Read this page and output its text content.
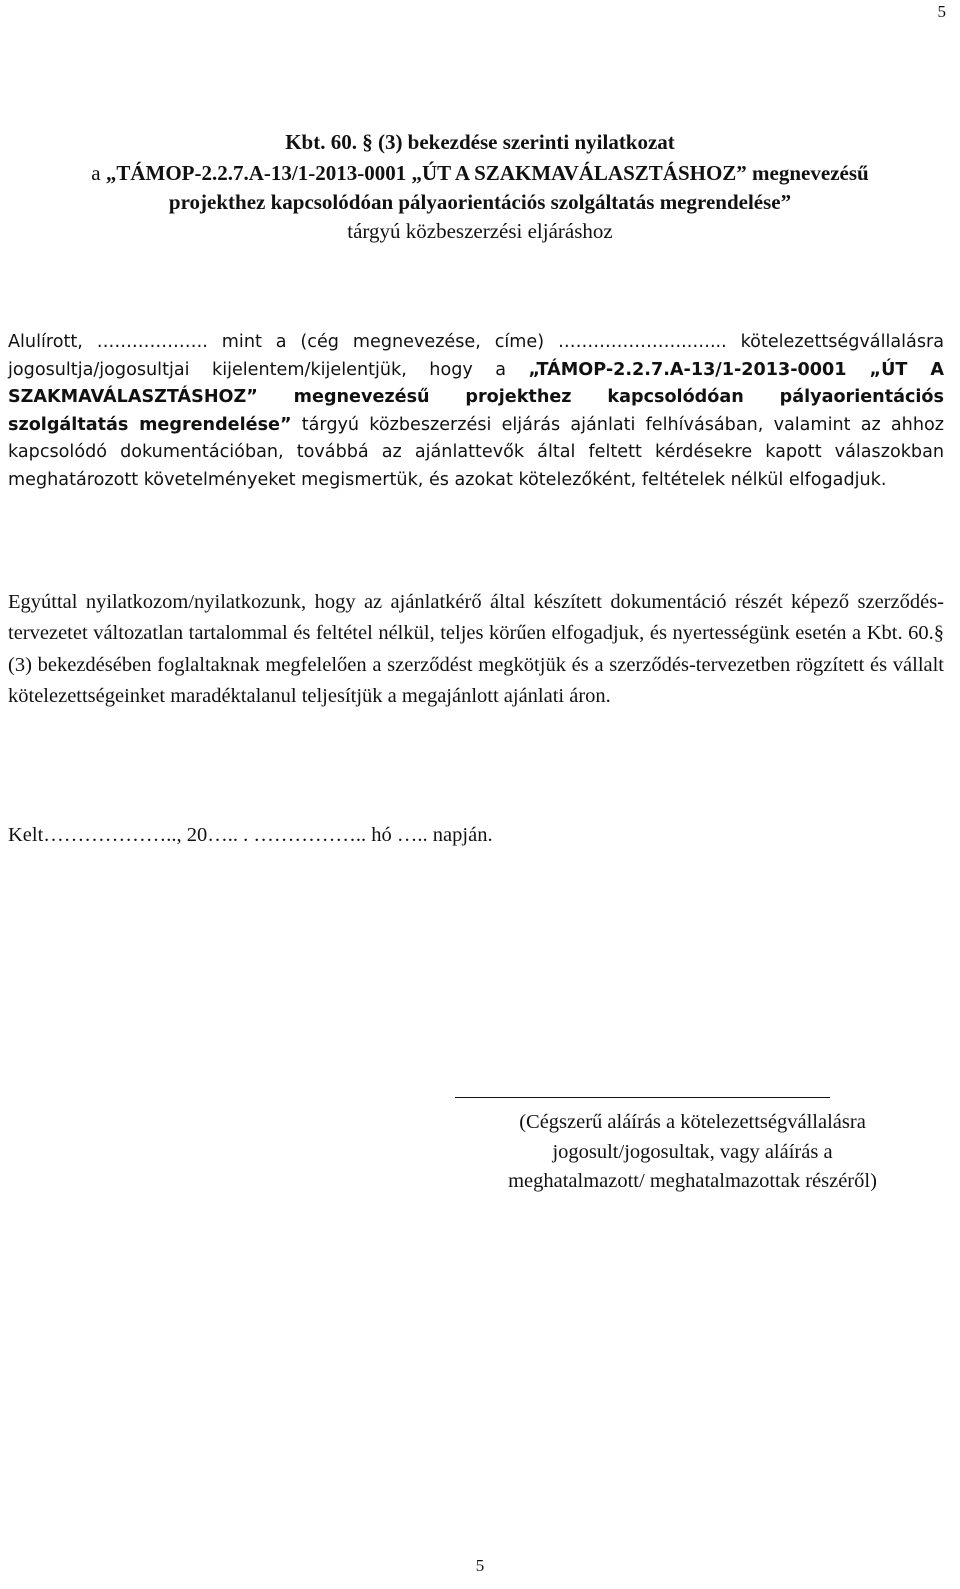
5
Kbt. 60. § (3) bekezdése szerinti nyilatkozat
a „TÁMOP-2.2.7.A-13/1-2013-0001 „ÚT A SZAKMAVÁLASZTÁSHOZ” megnevezésű
projekthez kapcsolódóan pályaorientációs szolgáltatás megrendelése”
tárgyú közbeszerzési eljáráshoz

Alulírott, ………………. mint a (cég megnevezése, címe) …………………..…... kötelezettségvállalásra jogosultja/jogosultjai kijelentem/kijelentjük, hogy a „TÁMOP-2.2.7.A-13/1-2013-0001 „ÚT A SZAKMAVÁLASZTÁSHOZ” megnevezésű projekthez kapcsolódóan pályaorientációs szolgáltatás megrendelése” tárgyú közbeszerzési eljárás ajánlati felhívásában, valamint az ahhoz kapcsolódó dokumentációban, továbbá az ajánlattevők által feltett kérdésekre kapott válaszokban meghatározott követelményeket megismertük, és azokat kötelezőként, feltételek nélkül elfogadjuk.

Egyúttal nyilatkozom/nyilatkozunk, hogy az ajánlatkérő által készített dokumentáció részét képező szerződés-tervezetet változatlan tartalommal és feltétel nélkül, teljes körűen elfogadjuk, és nyertességünk esetén a Kbt. 60.§ (3) bekezdésében foglaltaknak megfelelően a szerződést megkötjük és a szerződés-tervezetben rögzített és vállalt kötelezettségeinket maradéktalanul teljesítjük a megajánlott ajánlati áron.

Kelt……………….., 20….. . …………….. hó ….. napján.
(Cégszerű aláírás a kötelezettségvállalásra
jogosult/jogosultak, vagy aláírás a
meghatalmazott/ meghatalmazottak részéről)
5
